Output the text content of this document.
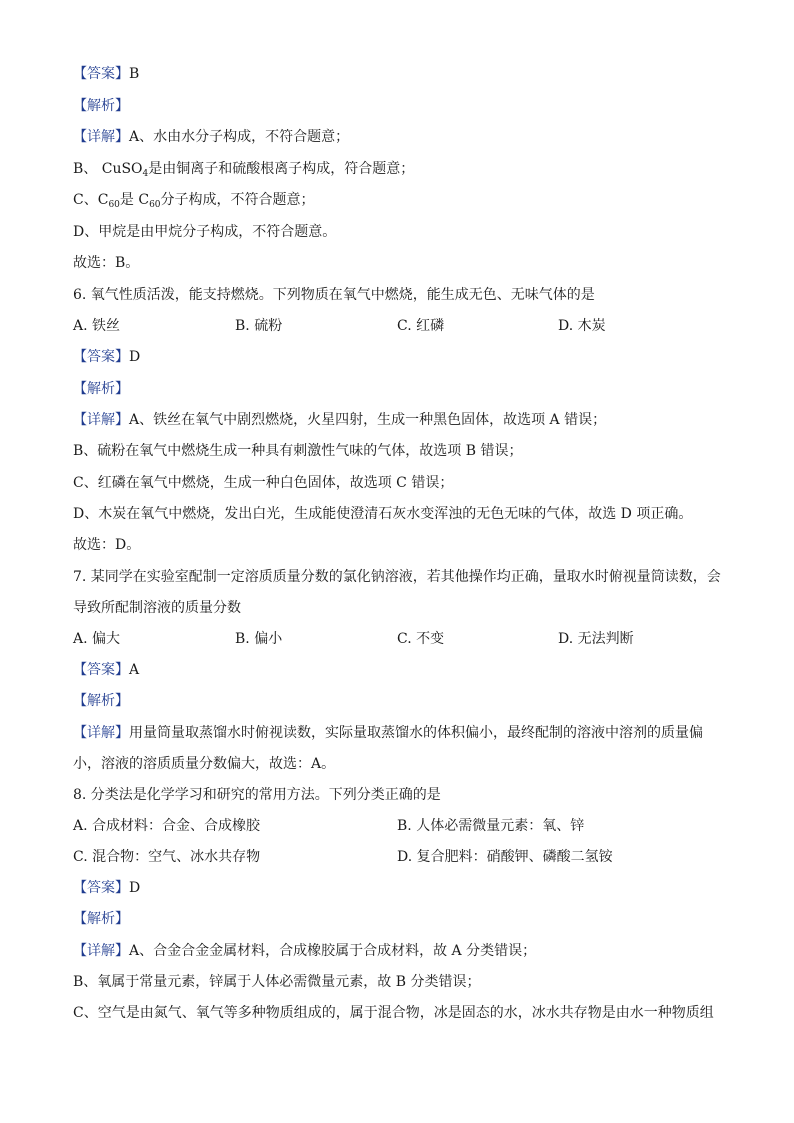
【答案】B
【解析】
【详解】A、水由水分子构成，不符合题意；
B、 CuSO$_4$是由铜离子和硫酸根离子构成，符合题意；
C、$C_{60}$是 $C_{60}$分子构成，不符合题意；
D、甲烷是由甲烷分子构成，不符合题意。
故选：B。
6. 氧气性质活泼，能支持燃烧。下列物质在氧气中燃烧，能生成无色、无味气体的是
A. 铁丝	B. 硫粉	C. 红磷	D. 木炭
【答案】D
【解析】
【详解】A、铁丝在氧气中剧烈燃烧，火星四射，生成一种黑色固体，故选项 A 错误；
B、硫粉在氧气中燃烧生成一种具有刺激性气味的气体，故选项 B 错误；
C、红磷在氧气中燃烧，生成一种白色固体，故选项 C 错误；
D、木炭在氧气中燃烧，发出白光，生成能使澄清石灰水变浑浊的无色无味的气体，故选 D 项正确。
故选：D。
7. 某同学在实验室配制一定溶质质量分数的氯化钠溶液，若其他操作均正确，量取水时俯视量筒读数，会
导致所配制溶液的质量分数
A. 偏大	B. 偏小	C. 不变	D. 无法判断
【答案】A
【解析】
【详解】用量筒量取蒸馏水时俯视读数，实际量取蒸馏水的体积偏小，最终配制的溶液中溶剂的质量偏
小，溶液的溶质质量分数偏大，故选：A。
8. 分类法是化学学习和研究的常用方法。下列分类正确的是
A. 合成材料：合金、合成橡胶	B. 人体必需微量元素：氧、锌
C. 混合物：空气、冰水共存物	D. 复合肥料：硝酸钾、磷酸二氢铵
【答案】D
【解析】
【详解】A、合金合金金属材料，合成橡胶属于合成材料，故 A 分类错误；
B、氧属于常量元素，锌属于人体必需微量元素，故 B 分类错误；
C、空气是由氮气、氧气等多种物质组成的，属于混合物，冰是固态的水，冰水共存物是由水一种物质组
